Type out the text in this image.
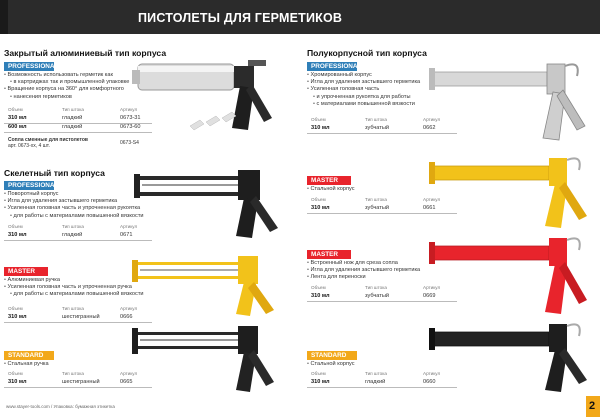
ПИСТОЛЕТЫ ДЛЯ ГЕРМЕТИКОВ
Закрытый алюминиевый тип корпуса
PROFESSIONAL
• Возможность использовать герметик как
• в картриджах так и промышленной упаковке
• Вращение корпуса на 360° для комфортного
• нанесения герметиков
Объем	Тип штока	Артикул
310 мл	гладкий	0673-31
600 мл	гладкий	0673-60
Сопла сменные для пистолетов
арт. 0673-хх, 4 шт.	0673-S4
Скелетный тип корпуса
PROFESSIONAL
• Поворотный корпус
• Игла для удаления застывшего герметика
• Усиленная головная часть и упрочненная рукоятка
• для работы с материалами повышенной вязкости
Объем	Тип штока	Артикул
310 мл	гладкий	0671
MASTER
• Алюминиевая ручка
• Усиленная головная часть и упрочненная ручка
• для работы с материалами повышенной вязкости
Объем	Тип штока	Артикул
310 мл	шестигранный	0666
STANDARD
• Стальная ручка
Объем	Тип штока	Артикул
310 мл	шестигранный	0665
Полукорпусной тип корпуса
PROFESSIONAL
• Хромированный корпус
• Игла для удаления застывшего герметика
• Усиленная головная часть
• и упрочненная рукоятка для работы
• с материалами повышенной вязкости
Объем	Тип штока	Артикул
310 мл	зубчатый	0662
MASTER
• Стальной корпус
Объем	Тип штока	Артикул
310 мл	зубчатый	0661
MASTER
• Встроенный нож для среза сопла
• Игла для удаления застывшего герметика
• Лента для переноски
Объем	Тип штока	Артикул
310 мл	зубчатый	0669
STANDARD
• Стальной корпус
Объем	Тип штока	Артикул
310 мл	гладкий	0660
www.stayer-tools.com / Упаковка: бумажная этикетка	2
